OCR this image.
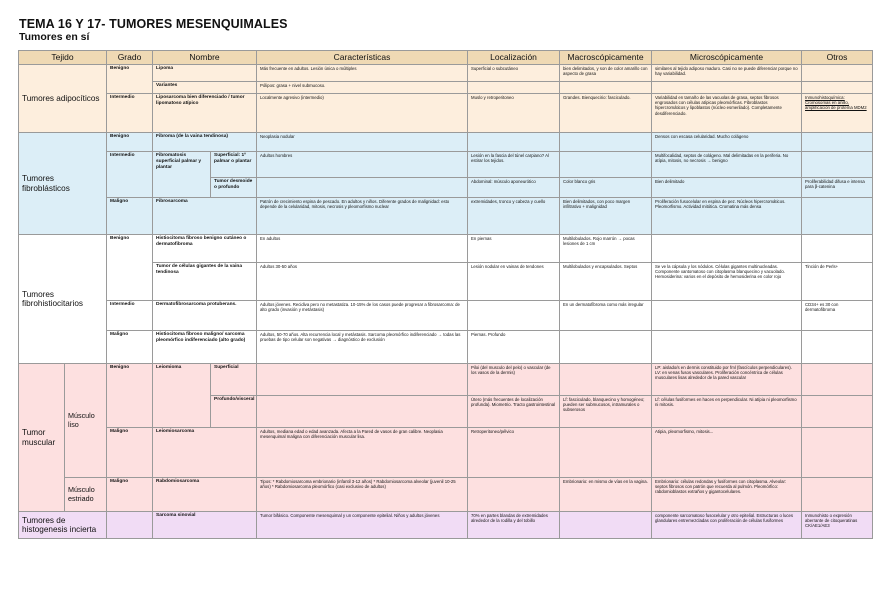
TEMA 16 Y 17- TUMORES MESENQUIMALES
Tumores en sí
Tejido		Grado	Nombre		Características	Localización	Macroscópicamente	Microscópicamente	Otros
Tumores adipocíticos		Benigno	Lipoma		Más frecuente en adultos. Lesión única o múltiples	Superficial o subcutáneo	bien delimitados, y son de color amarillo con aspecto de grasa	similares al tejido adiposo maduro. Casi no se puede diferenciar porque no hay variabilidad.	
			Variantes		Pólipos: grasa + nivel submucoso.				
		Intermedio	Liposarcoma bien diferenciado / tumor lipomatoso atípico		Localmente agresivo (intermedio)	Muslo y retroperitoneo	Grandes. Bienquecirio: fasciculado.	Variabilidad en tamaño de las vacuolas de grasa, septos fibrosos engrosados con células atípicas pleomórficas. Fibroblastos hipercromáticos y lipoblastos (núcleo esmerilado). Completamente desdiferenciado.	Inmunohistoquímica: Cromosomas en anillo, amplificación de proteína MDM2
Tumores fibroblásticos		Benigno	Fibroma (de la vaina tendinosa)		Neoplasia nodular			Densos con escasa celularidad. Mucho colágeno	
		Intermedio	Fibromatosis superficial palmar y plantar	Superficial: 1º palmar o plantar	Adultos hombres	Lesión en la fascia del túnel carpiano? Al estirar los tejidos.		Multifocalidad, septos de colágeno. Mal delimitadas en la periferia. No atípia, mitosis, no necrosis → benigno	
				Tumor desmoide o profundo		Abdominal: músculo aponeurótico	Color blanco gris	Bien delimitado	Proliferabilidad difusa e intensa para β-catenina
		Maligno	Fibrosarcoma		Patrón de crecimiento espina de pescado. En adultos y niños. Diferente grados de malignidad: esto depende de la celularidad, mitosis, necrosis y pleomorfismo nuclear	extremidades, tronco y cabeza y cuello	Bien delimitados, con poco margen infiltrativo + malignidad	Proliferación fusocelular en espina de pez. Núcleos hipercromáticos. Pleomorfismo. Actividad mitótica. Cromatina más densa	
Tumores fibrohistiocitarios		Benigno	Histiocitoma fibroso benigno cutáneo o dermatofibroma		En adultos	En piernas	Multilobulados. Rojo marrón → pocas lesiones de 1 cm		
			Tumor de células gigantes de la vaina tendinosa		Adultos 30-50 años	Lesión nodular en vainas de tendones	Multilobulados y encapsulados. Septos	Se ve la cápsula y los nódulos. Células gigantes multinucleadas. Componente xantomatoso con citoplasma blanquecino y vacuolado. Hemosiderina: varios en el depósito de hemosiderina en color rojo	Tinción de Perls+
		Intermedio	Dermatofibrosarcoma protuberans.		Adultos jóvenes. Recidiva pero no metastatiza. 10-15% de los casos puede progresar a fibrosarcoma: de alto grado (invasión y metástasis)		En un dermatofibroma como más irregular		CD34+ es 30 con dermatofibroma
		Maligno	Histiocitoma fibroso maligno/ sarcoma pleomórfico indiferenciado (alto grado)		Adultos, 50-70 años. Alta recurrencia local y metástasis. Sarcoma pleomórfico indiferenciado → todas las pruebas de tipo celular son negativas → diagnóstico de exclusión	Piernas. Profundo			
Tumor muscular	Músculo liso	Benigno	Leiomioma	Superficial		Piloi (del musculo del pelo) o vascular (de los vasos de la dermis)		LP: aislado/s en dermis constituido por fml (fascículos perpendiculares). LV: en venas fusos vasculares. Proliferación concéntrica de células musculares lisas alrededor de la pared vascular	
				Profundo/visceral		Útero (más frecuentes de localización profunda). Miometrio. Tracto gastrointestinal	Lf: fasciculado, blanquecino y homogéneo; pueden ser submucosos, intramurales o subserosos	Lf: células fusiformes en haces en perpendicular. Ni atípia ni pleomorfismo ni mitosis.	
		Maligno	Leiomiosarcoma		Adultos, mediana edad o edad avanzada. Afecta a la Pared de vasos de gran calibre. Neoplasia mesenquimal maligna con diferenciación muscular lisa.	Retroperitoneo/pélvico		Atipia, pleomorfismo, mitosis...	
	Músculo estriado	Maligno	Rabdomiosarcoma		Tipos: * Rabdomiosarcoma embrionario (infantil 3-12 años) * Rabdomiosarcoma alveolar (juvenil 10-25 años) * Rabdomiosarcoma pleomórfico (casi exclusivo de adultos)		Embrionario: en mismo de vías en la vagina.	Embrionario: células redondas y fusiformes con citoplasma. Alveolar: septos fibrosos con patrón que recuerda al pulmón. Pleomórfico: rabdomioblastos extraños y gigantocelulares.	
Tumores de histogenesis incierta			Sarcoma sinovial		Tumor bifásico. Componente mesenquimal y un componente epitelial. Niños y adultos jóvenes	70% en partes blandas de extremidades alrededor de la rodilla y del tobillo		componente sarcomatoso fusocelular y otro epitelial. Estructuras o luces glandulares entremezcladas con proliferación de células fusiformes	Inmunohisto o expresión aberrante de citoqueratinas CK/AE1/AE3
